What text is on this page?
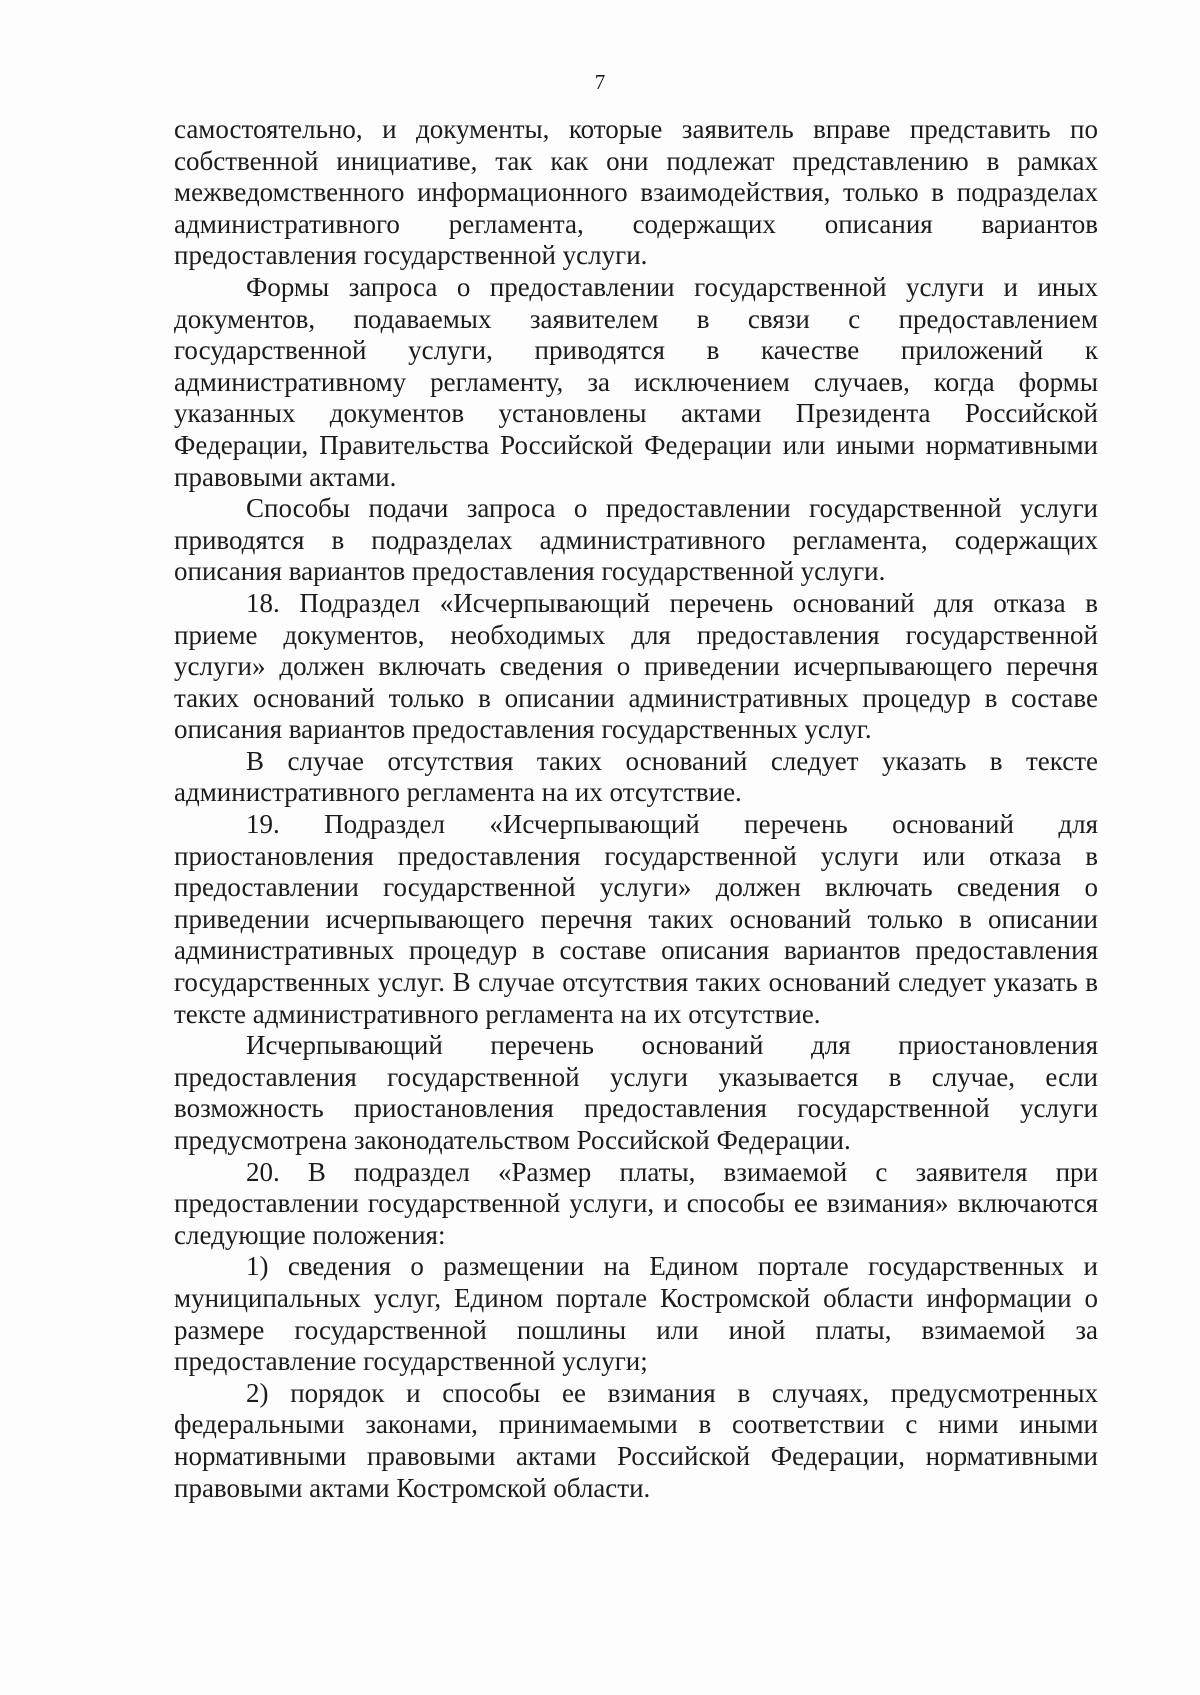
7

самостоятельно, и документы, которые заявитель вправе представить по собственной инициативе, так как они подлежат представлению в рамках межведомственного информационного взаимодействия, только в подразделах административного регламента, содержащих описания вариантов предоставления государственной услуги.

Формы запроса о предоставлении государственной услуги и иных документов, подаваемых заявителем в связи с предоставлением государственной услуги, приводятся в качестве приложений к административному регламенту, за исключением случаев, когда формы указанных документов установлены актами Президента Российской Федерации, Правительства Российской Федерации или иными нормативными правовыми актами.

Способы подачи запроса о предоставлении государственной услуги приводятся в подразделах административного регламента, содержащих описания вариантов предоставления государственной услуги.

18. Подраздел «Исчерпывающий перечень оснований для отказа в приеме документов, необходимых для предоставления государственной услуги» должен включать сведения о приведении исчерпывающего перечня таких оснований только в описании административных процедур в составе описания вариантов предоставления государственных услуг.

В случае отсутствия таких оснований следует указать в тексте административного регламента на их отсутствие.

19. Подраздел «Исчерпывающий перечень оснований для приостановления предоставления государственной услуги или отказа в предоставлении государственной услуги» должен включать сведения о приведении исчерпывающего перечня таких оснований только в описании административных процедур в составе описания вариантов предоставления государственных услуг. В случае отсутствия таких оснований следует указать в тексте административного регламента на их отсутствие.

Исчерпывающий перечень оснований для приостановления предоставления государственной услуги указывается в случае, если возможность приостановления предоставления государственной услуги предусмотрена законодательством Российской Федерации.

20. В подраздел «Размер платы, взимаемой с заявителя при предоставлении государственной услуги, и способы ее взимания» включаются следующие положения:

1) сведения о размещении на Едином портале государственных и муниципальных услуг, Едином портале Костромской области информации о размере государственной пошлины или иной платы, взимаемой за предоставление государственной услуги;

2) порядок и способы ее взимания в случаях, предусмотренных федеральными законами, принимаемыми в соответствии с ними иными нормативными правовыми актами Российской Федерации, нормативными правовыми актами Костромской области.
